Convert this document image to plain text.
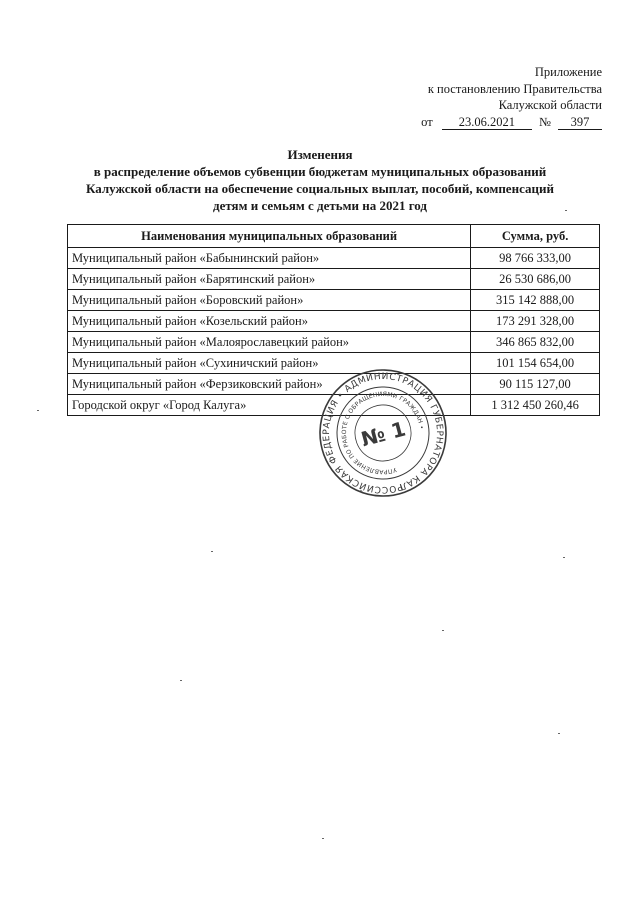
Приложение
к постановлению Правительства
Калужской области
от 23.06.2021 № 397
Изменения
в распределение объемов субвенции бюджетам муниципальных образований
Калужской области на обеспечение социальных выплат, пособий, компенсаций
детям и семьям с детьми на 2021 год
Наименования муниципальных образований	Сумма, руб.
Муниципальный район «Бабынинский район»	98 766 333,00
Муниципальный район «Барятинский район»	26 530 686,00
Муниципальный район «Боровский район»	315 142 888,00
Муниципальный район «Козельский район»	173 291 328,00
Муниципальный район «Малоярославецкий район»	346 865 832,00
Муниципальный район «Сухиничский район»	101 154 654,00
Муниципальный район «Ферзиковский район»	90 115 127,00
Городской округ «Город Калуга»	1 312 450 260,46
РОССИЙСКАЯ ФЕДЕРАЦИЯ • АДМИНИСТРАЦИЯ ГУБЕРНАТОРА КАЛУЖСКОЙ
УПРАВЛЕНИЕ ПО РАБОТЕ С ОБРАЩЕНИЯМИ ГРАЖДАН •
№ 1
